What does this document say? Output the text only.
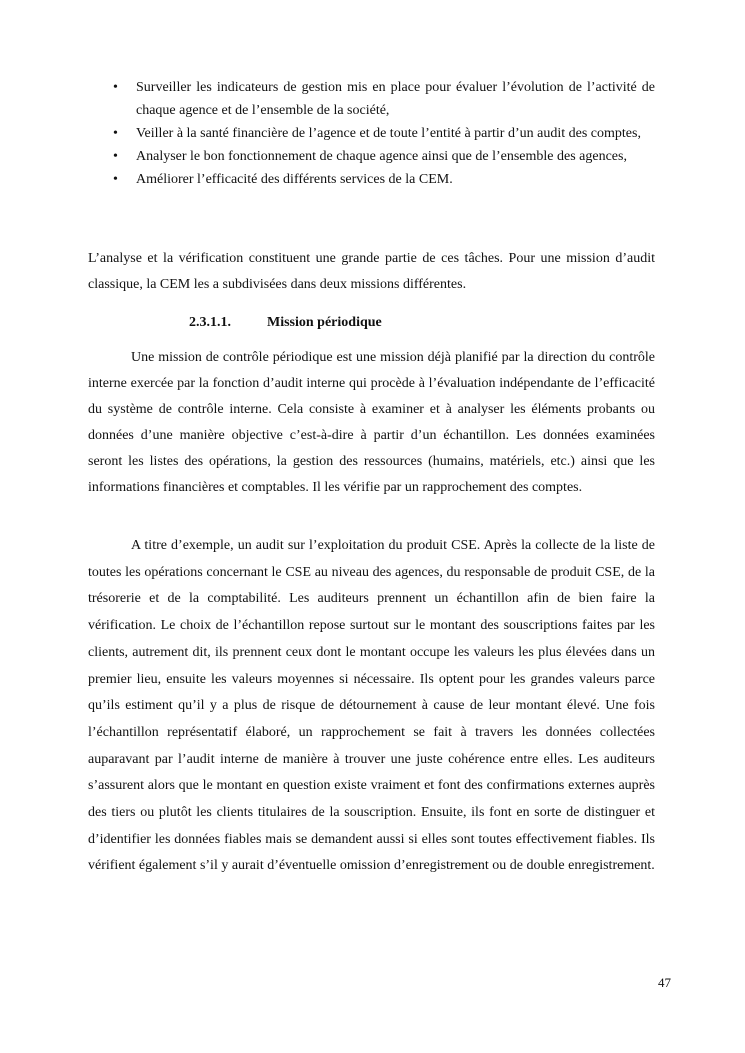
• Surveiller les indicateurs de gestion mis en place pour évaluer l’évolution de l’activité de chaque agence et de l’ensemble de la société,
• Veiller à la santé financière de l’agence et de toute l’entité à partir d’un audit des comptes,
• Analyser le bon fonctionnement de chaque agence ainsi que de l’ensemble des agences,
• Améliorer l’efficacité des différents services de la CEM.

L’analyse et la vérification constituent une grande partie de ces tâches. Pour une mission d’audit classique, la CEM les a subdivisées dans deux missions différentes.

2.3.1.1.	Mission périodique

Une mission de contrôle périodique est une mission déjà planifié par la direction du contrôle interne exercée par la fonction d’audit interne qui procède à l’évaluation indépendante de l’efficacité du système de contrôle interne. Cela consiste à examiner et à analyser les éléments probants ou données d’une manière objective c’est-à-dire à partir d’un échantillon. Les données examinées seront les listes des opérations, la gestion des ressources (humains, matériels, etc.) ainsi que les informations financières et comptables. Il les vérifie par un rapprochement des comptes.

A titre d’exemple, un audit sur l’exploitation du produit CSE. Après la collecte de la liste de toutes les opérations concernant le CSE au niveau des agences, du responsable de produit CSE, de la trésorerie et de la comptabilité. Les auditeurs prennent un échantillon afin de bien faire la vérification. Le choix de l’échantillon repose surtout sur le montant des souscriptions faites par les clients, autrement dit, ils prennent ceux dont le montant occupe les valeurs les plus élevées dans un premier lieu, ensuite les valeurs moyennes si nécessaire. Ils optent pour les grandes valeurs parce qu’ils estiment qu’il y a plus de risque de détournement à cause de leur montant élevé. Une fois l’échantillon représentatif élaboré, un rapprochement se fait à travers les données collectées auparavant par l’audit interne de manière à trouver une juste cohérence entre elles. Les auditeurs s’assurent alors que le montant en question existe vraiment et font des confirmations externes auprès des tiers ou plutôt les clients titulaires de la souscription. Ensuite, ils font en sorte de distinguer et d’identifier les données fiables mais se demandent aussi si elles sont toutes effectivement fiables. Ils vérifient également s’il y aurait d’éventuelle omission d’enregistrement ou de double enregistrement.

47
